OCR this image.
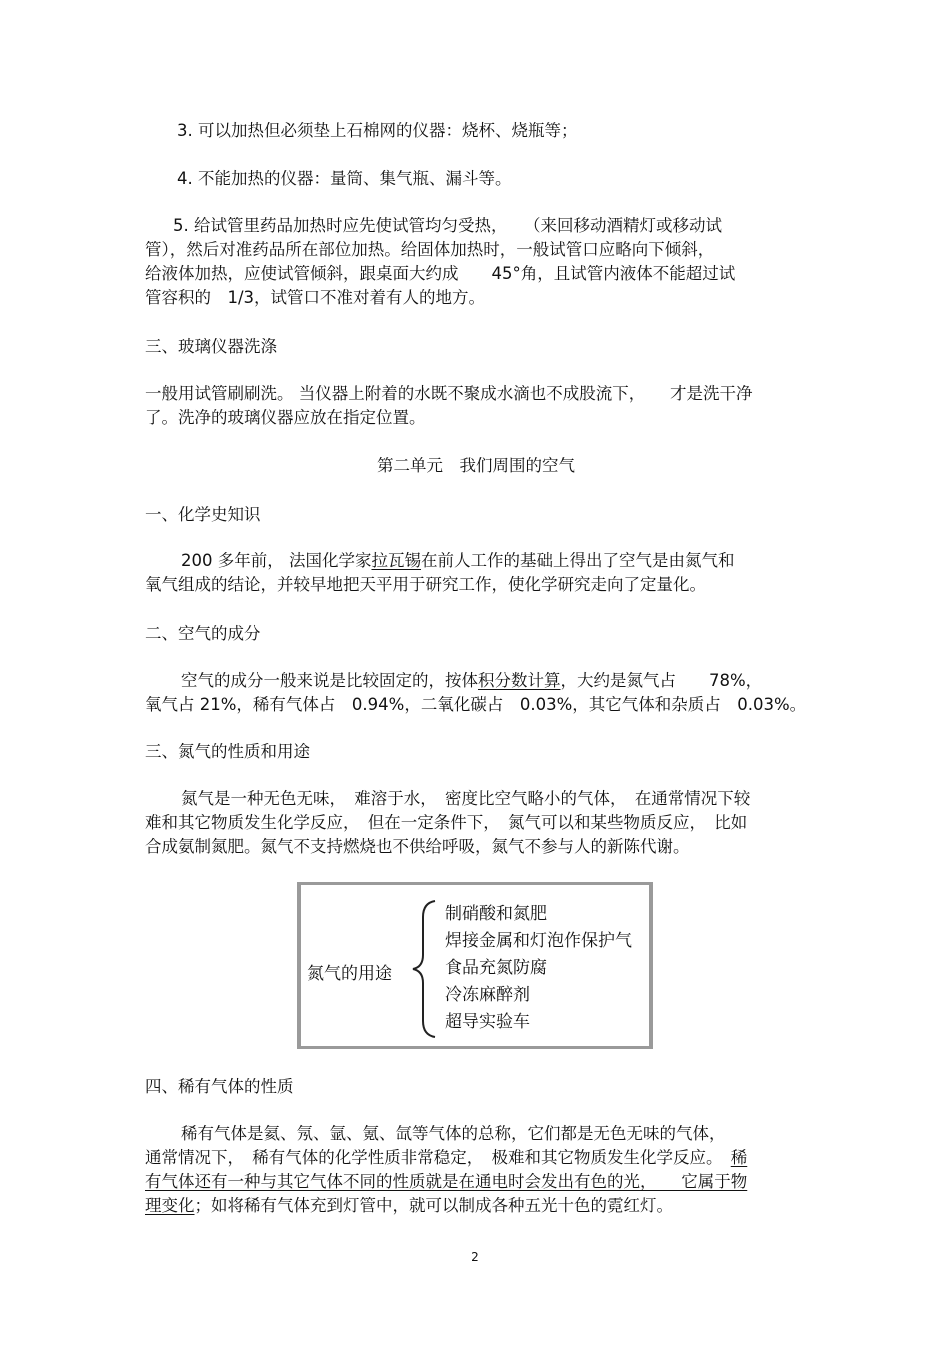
3. 可以加热但必须垫上石棉网的仪器：烧杯、烧瓶等；

4. 不能加热的仪器：量筒、集气瓶、漏斗等。

5. 给试管里药品加热时应先使试管均匀受热，　　（来回移动酒精灯或移动试
管），然后对准药品所在部位加热。给固体加热时，一般试管口应略向下倾斜，
给液体加热，应使试管倾斜，跟桌面大约成　　45°角，且试管内液体不能超过试
管容积的　1/3，试管口不准对着有人的地方。

三、玻璃仪器洗涤

一般用试管刷刷洗。 当仪器上附着的水既不聚成水滴也不成股流下，　　才是洗干净
了。洗净的玻璃仪器应放在指定位置。

第二单元　我们周围的空气

一、化学史知识

200 多年前， 法国化学家拉瓦锡在前人工作的基础上得出了空气是由氮气和
氧气组成的结论，并较早地把天平用于研究工作，使化学研究走向了定量化。

二、空气的成分

空气的成分一般来说是比较固定的，按体积分数计算，大约是氮气占　　78%，
氧气占 21%，稀有气体占　0.94%，二氧化碳占　0.03%，其它气体和杂质占　0.03%。

三、氮气的性质和用途

氮气是一种无色无味，　难溶于水，　密度比空气略小的气体，　在通常情况下较
难和其它物质发生化学反应，　但在一定条件下，　氮气可以和某些物质反应，　比如
合成氨制氮肥。氮气不支持燃烧也不供给呼吸，氮气不参与人的新陈代谢。
氮气的用途
制硝酸和氮肥
焊接金属和灯泡作保护气
食品充氮防腐
冷冻麻醉剂
超导实验车

四、稀有气体的性质

稀有气体是氦、氖、氩、氪、氙等气体的总称，它们都是无色无味的气体，
通常情况下，　稀有气体的化学性质非常稳定，　极难和其它物质发生化学反应。　稀
有气体还有一种与其它气体不同的性质就是在通电时会发出有色的光，　　它属于物
理变化；如将稀有气体充到灯管中，就可以制成各种五光十色的霓红灯。
2
